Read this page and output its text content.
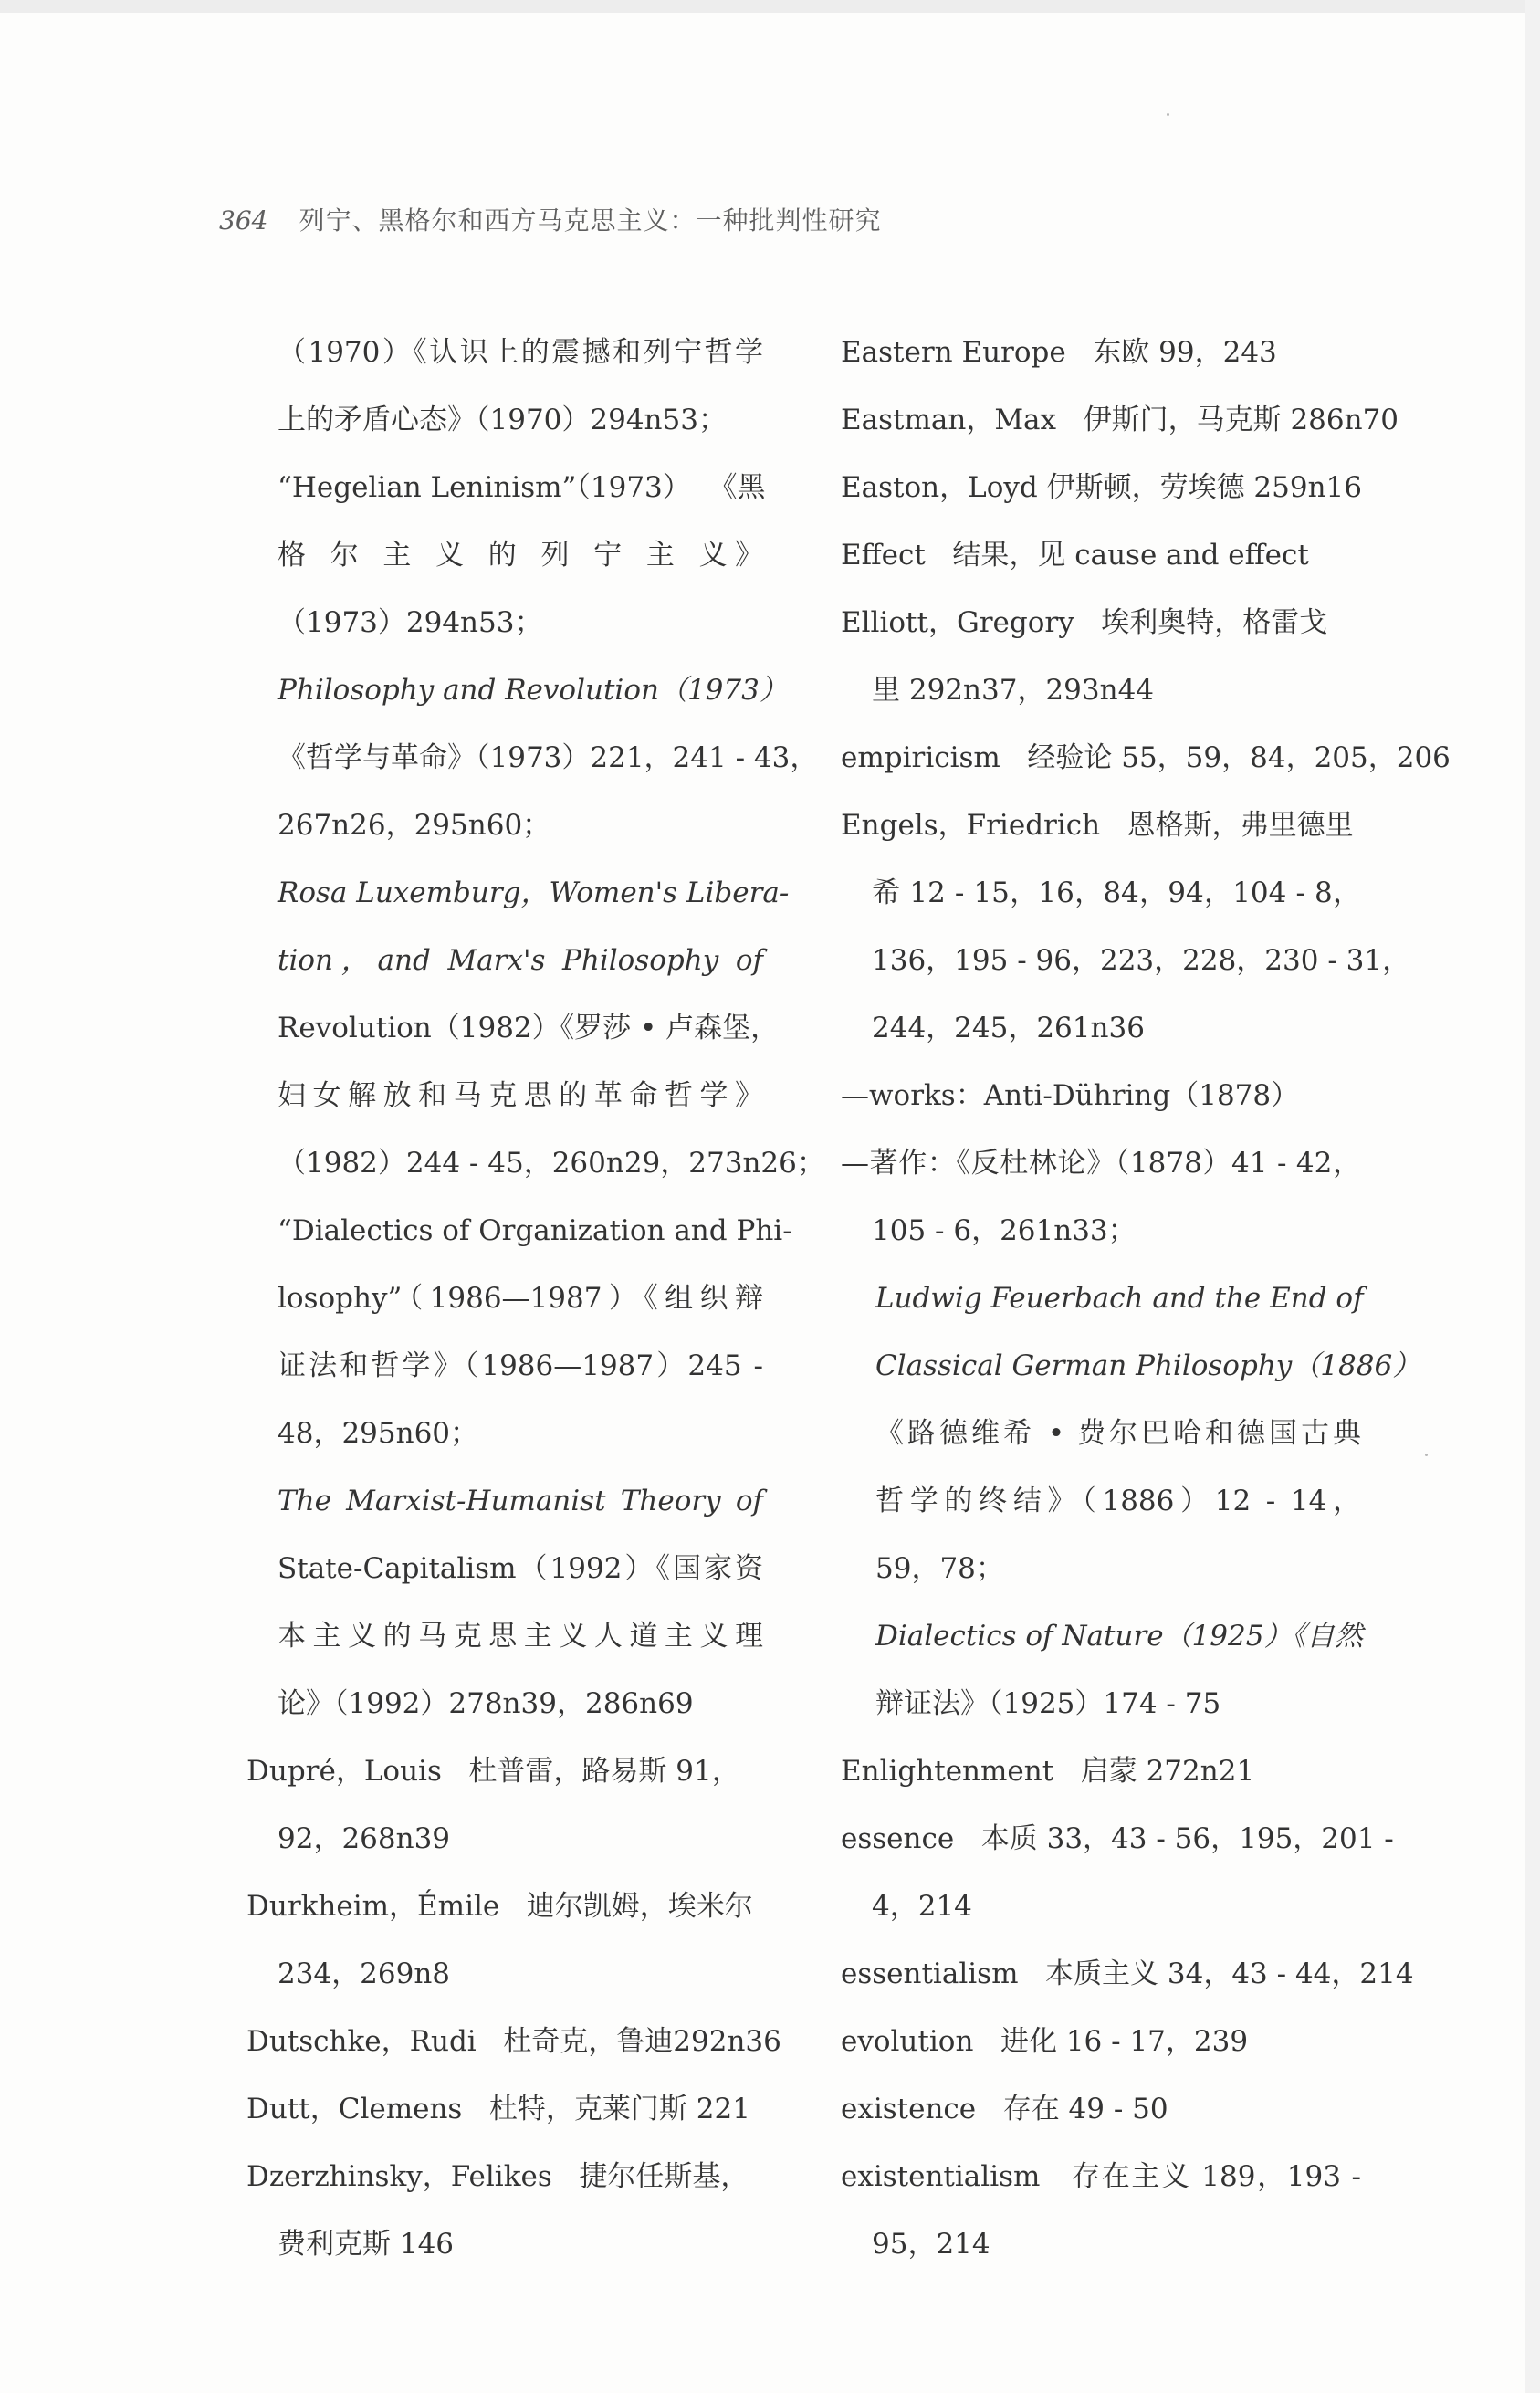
364 列宁、黑格尔和西方马克思主义：一种批判性研究
（1970）《认识上的震撼和列宁哲学
上的矛盾心态》（1970）294n53；
“Hegelian Leninism”（1973）  《黑
格 尔 主 义 的 列 宁 主 义》
（1973）294n53；
Philosophy and Revolution（1973）
《哲学与革命》（1973）221，241 - 43，
267n26，295n60；
Rosa Luxemburg，Women's Libera-
tion，and Marx's Philosophy of
Revolution（1982）《罗莎 • 卢森堡，
妇女解放和马克思的革命哲学》
（1982）244 - 45，260n29，273n26；
“Dialectics of Organization and Phi-
losophy”（1986—1987）《组织辩
证法和哲学》（1986—1987）245 -
48，295n60；
The Marxist-Humanist Theory of
State-Capitalism（1992）《国家资
本主义的马克思主义人道主义理
论》（1992）278n39，286n69
Dupré，Louis   杜普雷，路易斯 91，
92，268n39
Durkheim，Émile   迪尔凯姆，埃米尔
234，269n8
Dutschke，Rudi   杜奇克，鲁迪292n36
Dutt，Clemens   杜特，克莱门斯 221
Dzerzhinsky，Felikes   捷尔任斯基，
费利克斯 146
Eastern Europe   东欧 99，243
Eastman，Max   伊斯门，马克斯 286n70
Easton，Loyd 伊斯顿，劳埃德 259n16
Effect   结果，见 cause and effect
Elliott，Gregory   埃利奥特，格雷戈
里 292n37，293n44
empiricism   经验论 55，59，84，205，206
Engels，Friedrich   恩格斯，弗里德里
希 12 - 15，16，84，94，104 - 8，
136，195 - 96，223，228，230 - 31，
244，245，261n36
—works：Anti-Dühring（1878）
—著作：《反杜林论》（1878）41 - 42，
105 - 6，261n33；
Ludwig Feuerbach and the End of
Classical German Philosophy（1886）
《路德维希 • 费尔巴哈和德国古典
哲学的终结》（1886）12 - 14，
59，78；
Dialectics of Nature（1925）《自然
辩证法》（1925）174 - 75
Enlightenment   启蒙 272n21
essence   本质 33，43 - 56，195，201 -
4，214
essentialism   本质主义 34，43 - 44，214
evolution   进化 16 - 17，239
existence   存在 49 - 50
existentialism   存在主义 189，193 -
95，214
